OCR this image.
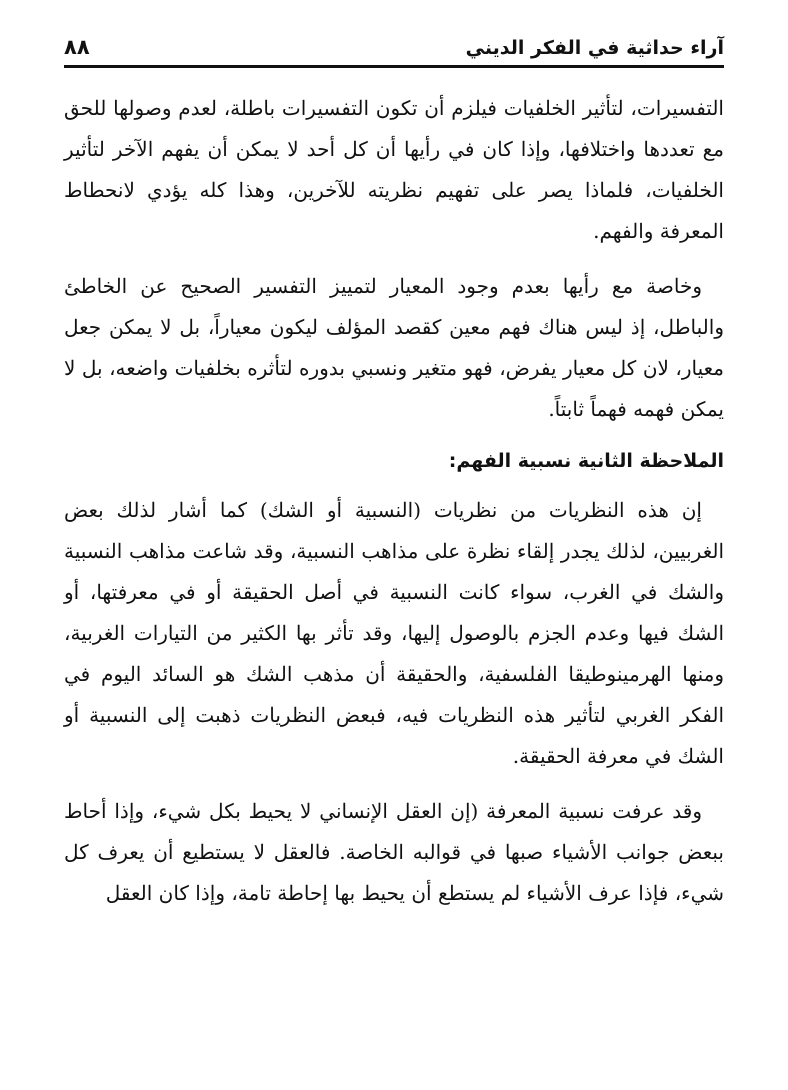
آراء حداثية في الفكر الديني
٨٨

التفسيرات، لتأثير الخلفيات فيلزم أن تكون التفسيرات باطلة، لعدم وصولها للحق مع تعددها واختلافها، وإذا كان في رأيها أن كل أحد لا يمكن أن يفهم الآخر لتأثير الخلفيات، فلماذا يصر على تفهيم نظريته للآخرين، وهذا كله يؤدي لانحطاط المعرفة والفهم.

وخاصة مع رأيها بعدم وجود المعيار لتمييز التفسير الصحيح عن الخاطئ والباطل، إذ ليس هناك فهم معين كقصد المؤلف ليكون معياراً، بل لا يمكن جعل معيار، لان كل معيار يفرض، فهو متغير ونسبي بدوره لتأثره بخلفيات واضعه، بل لا يمكن فهمه فهماً ثابتاً.

الملاحظة الثانية نسبية الفهم:

إن هذه النظريات من نظريات (النسبية أو الشك) كما أشار لذلك بعض الغربيين، لذلك يجدر إلقاء نظرة على مذاهب النسبية، وقد شاعت مذاهب النسبية والشك في الغرب، سواء كانت النسبية في أصل الحقيقة أو في معرفتها، أو الشك فيها وعدم الجزم بالوصول إليها، وقد تأثر بها الكثير من التيارات الغربية، ومنها الهرمينوطيقا الفلسفية، والحقيقة أن مذهب الشك هو السائد اليوم في الفكر الغربي لتأثير هذه النظريات فيه، فبعض النظريات ذهبت إلى النسبية أو الشك في معرفة الحقيقة.

وقد عرفت نسبية المعرفة (إن العقل الإنساني لا يحيط بكل شيء، وإذا أحاط ببعض جوانب الأشياء صبها في قوالبه الخاصة. فالعقل لا يستطيع أن يعرف كل شيء، فإذا عرف الأشياء لم يستطع أن يحيط بها إحاطة تامة، وإذا كان العقل
